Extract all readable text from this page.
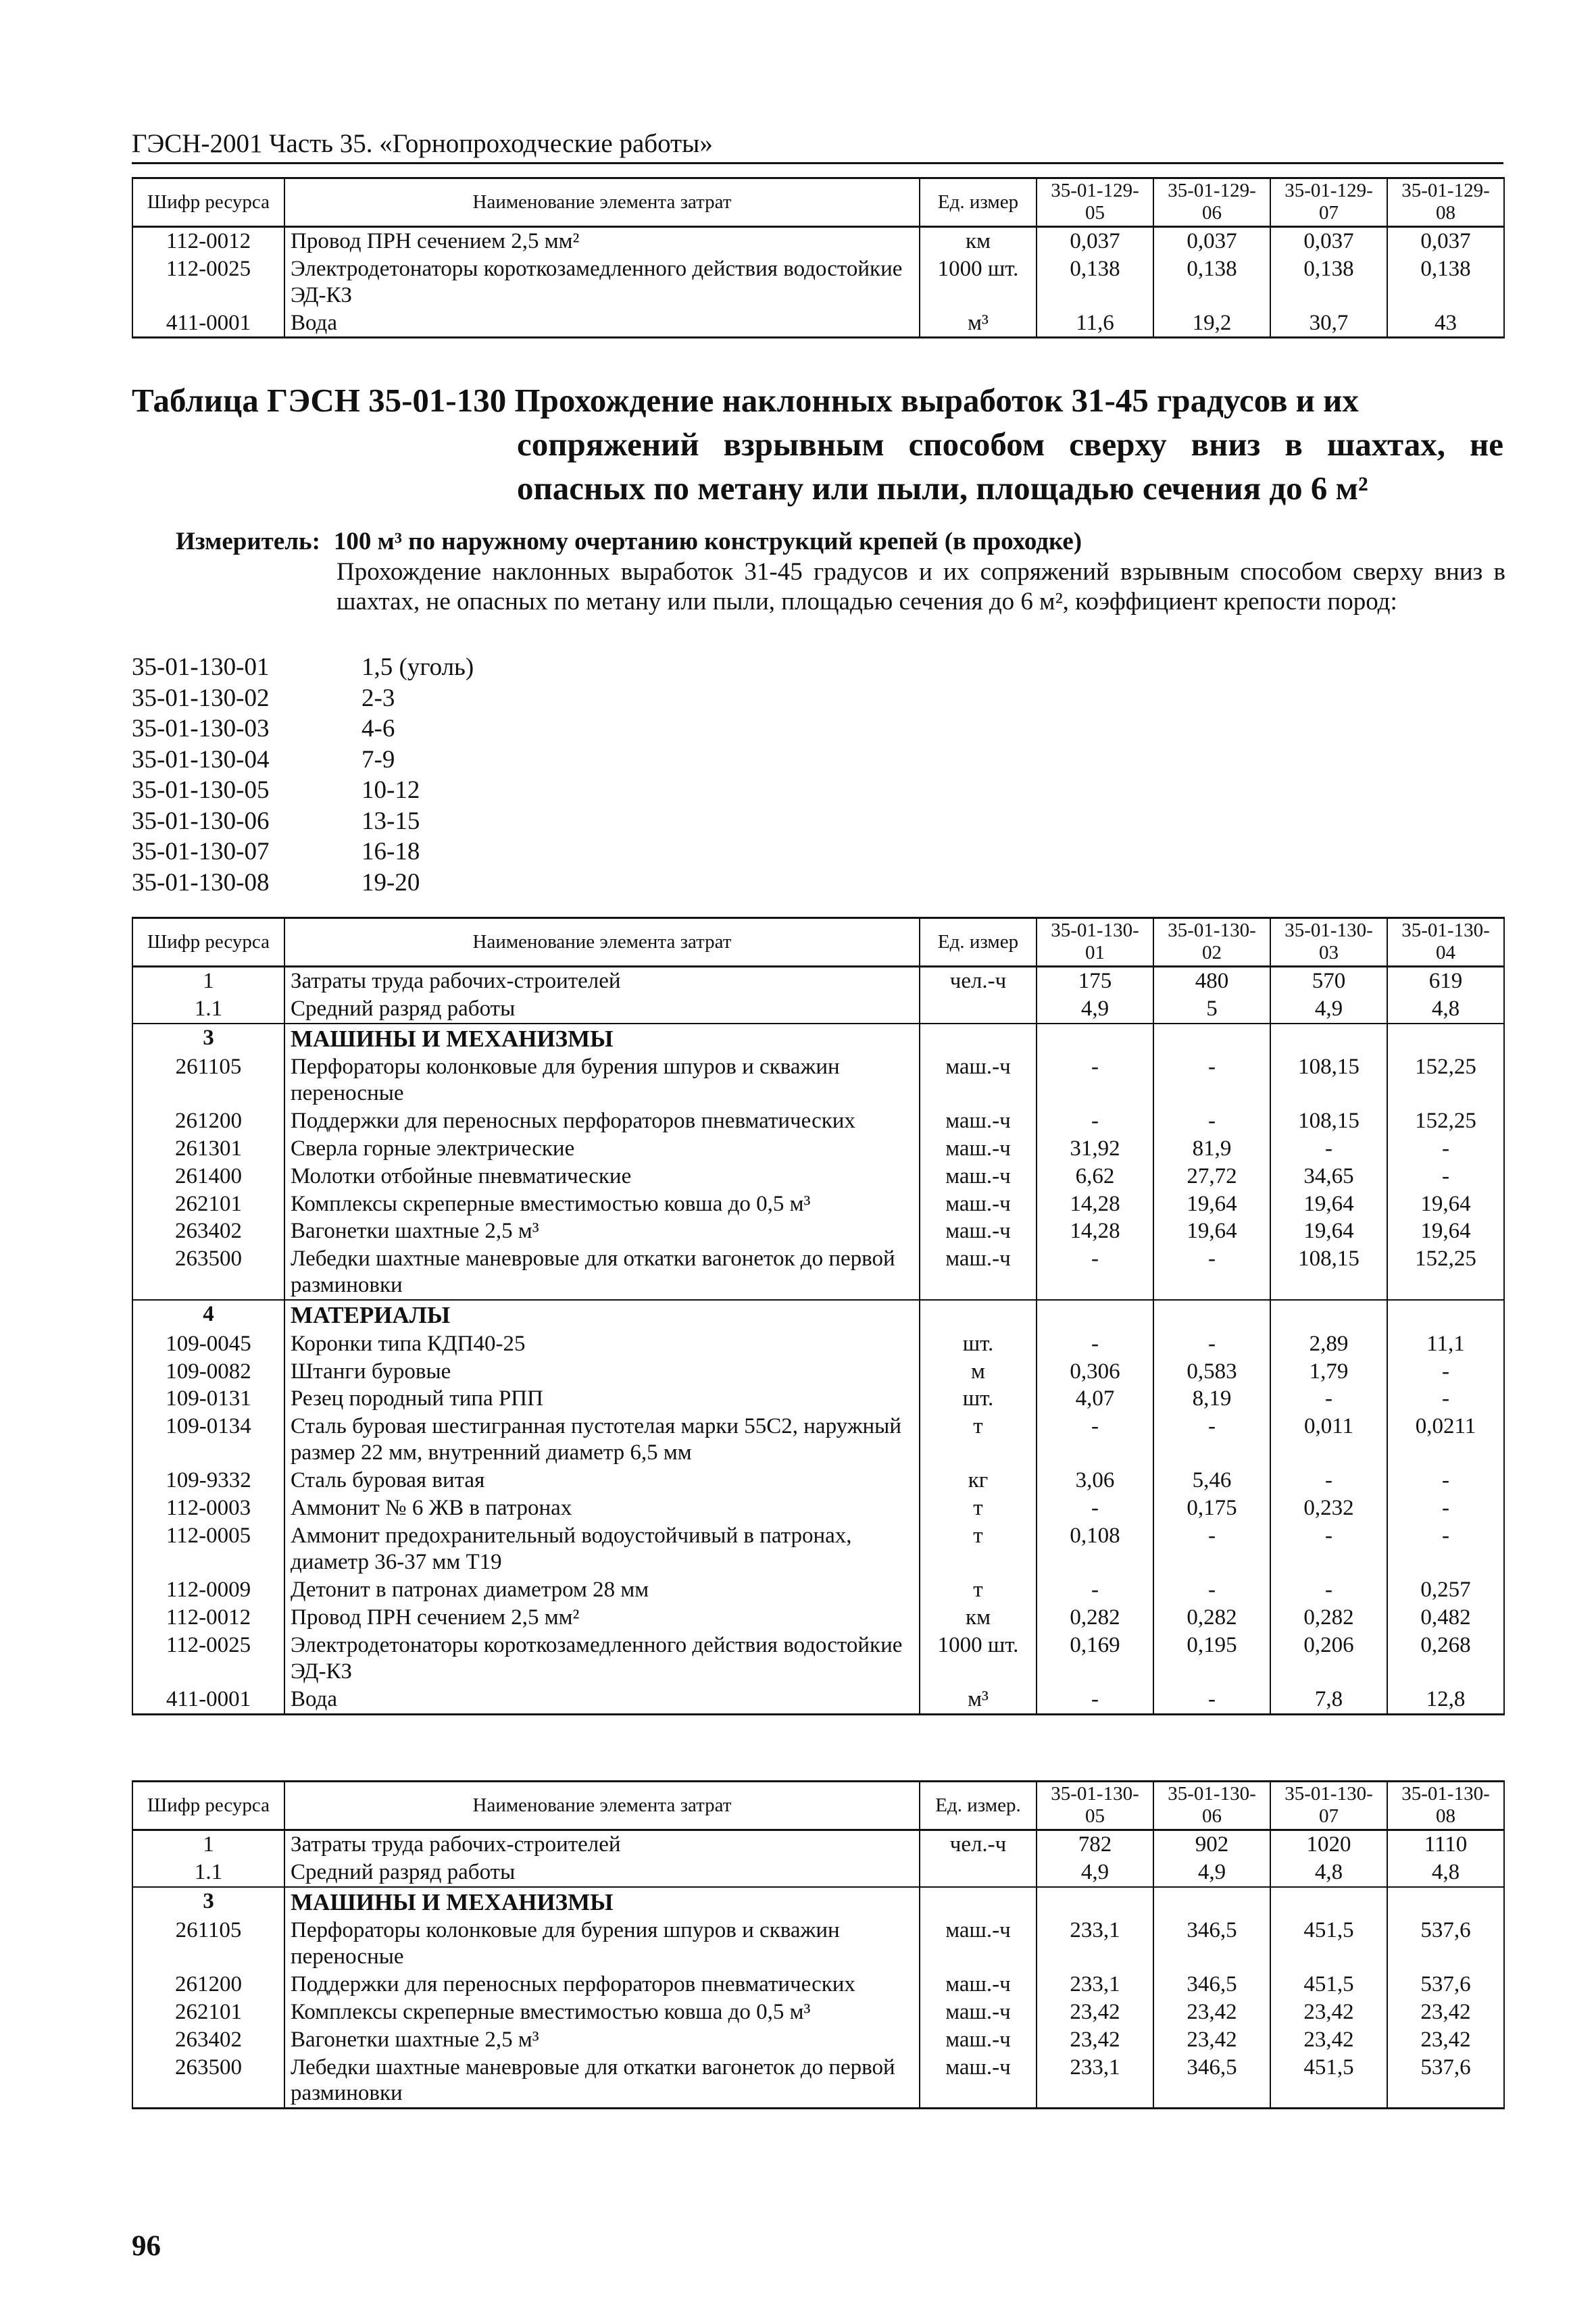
ГЭСН-2001 Часть 35. «Горнопроходческие работы»
Шифр ресурса	Наименование элемента затрат	Ед. измер	35-01-129-05	35-01-129-06	35-01-129-07	35-01-129-08
112-0012	Провод ПРН сечением 2,5 мм²	км	0,037	0,037	0,037	0,037
112-0025	Электродетонаторы короткозамедленного действия водостойкие ЭД-КЗ	1000 шт.	0,138	0,138	0,138	0,138
411-0001	Вода	м³	11,6	19,2	30,7	43
Таблица ГЭСН 35-01-130 Прохождение наклонных выработок 31-45 градусов и их
сопряжений взрывным способом сверху вниз в шахтах, не опасных по метану или пыли, площадью сечения до 6 м²
Измеритель: 100 м³ по наружному очертанию конструкций крепей (в проходке)
Прохождение наклонных выработок 31-45 градусов и их сопряжений взрывным способом сверху вниз в шахтах, не опасных по метану или пыли, площадью сечения до 6 м², коэффициент крепости пород:
35-01-130-01	1,5 (уголь)
35-01-130-02	2-3
35-01-130-03	4-6
35-01-130-04	7-9
35-01-130-05	10-12
35-01-130-06	13-15
35-01-130-07	16-18
35-01-130-08	19-20
Шифр ресурса	Наименование элемента затрат	Ед. измер	35-01-130-01	35-01-130-02	35-01-130-03	35-01-130-04
1	Затраты труда рабочих-строителей	чел.-ч	175	480	570	619
1.1	Средний разряд работы		4,9	5	4,9	4,8
3	МАШИНЫ И МЕХАНИЗМЫ					
261105	Перфораторы колонковые для бурения шпуров и скважин переносные	маш.-ч	-	-	108,15	152,25
261200	Поддержки для переносных перфораторов пневматических	маш.-ч	-	-	108,15	152,25
261301	Сверла горные электрические	маш.-ч	31,92	81,9	-	-
261400	Молотки отбойные пневматические	маш.-ч	6,62	27,72	34,65	-
262101	Комплексы скреперные вместимостью ковша до 0,5 м³	маш.-ч	14,28	19,64	19,64	19,64
263402	Вагонетки шахтные 2,5 м³	маш.-ч	14,28	19,64	19,64	19,64
263500	Лебедки шахтные маневровые для откатки вагонеток до первой разминовки	маш.-ч	-	-	108,15	152,25
4	МАТЕРИАЛЫ					
109-0045	Коронки типа КДП40-25	шт.	-	-	2,89	11,1
109-0082	Штанги буровые	м	0,306	0,583	1,79	-
109-0131	Резец породный типа РПП	шт.	4,07	8,19	-	-
109-0134	Сталь буровая шестигранная пустотелая марки 55С2, наружный размер 22 мм, внутренний диаметр 6,5 мм	т	-	-	0,011	0,0211
109-9332	Сталь буровая витая	кг	3,06	5,46	-	-
112-0003	Аммонит № 6 ЖВ в патронах	т	-	0,175	0,232	-
112-0005	Аммонит предохранительный водоустойчивый в патронах, диаметр 36-37 мм Т19	т	0,108	-	-	-
112-0009	Детонит в патронах диаметром 28 мм	т	-	-	-	0,257
112-0012	Провод ПРН сечением 2,5 мм²	км	0,282	0,282	0,282	0,482
112-0025	Электродетонаторы короткозамедленного действия водостойкие ЭД-КЗ	1000 шт.	0,169	0,195	0,206	0,268
411-0001	Вода	м³	-	-	7,8	12,8
Шифр ресурса	Наименование элемента затрат	Ед. измер.	35-01-130-05	35-01-130-06	35-01-130-07	35-01-130-08
1	Затраты труда рабочих-строителей	чел.-ч	782	902	1020	1110
1.1	Средний разряд работы		4,9	4,9	4,8	4,8
3	МАШИНЫ И МЕХАНИЗМЫ					
261105	Перфораторы колонковые для бурения шпуров и скважин переносные	маш.-ч	233,1	346,5	451,5	537,6
261200	Поддержки для переносных перфораторов пневматических	маш.-ч	233,1	346,5	451,5	537,6
262101	Комплексы скреперные вместимостью ковша до 0,5 м³	маш.-ч	23,42	23,42	23,42	23,42
263402	Вагонетки шахтные 2,5 м³	маш.-ч	23,42	23,42	23,42	23,42
263500	Лебедки шахтные маневровые для откатки вагонеток до первой разминовки	маш.-ч	233,1	346,5	451,5	537,6
96
